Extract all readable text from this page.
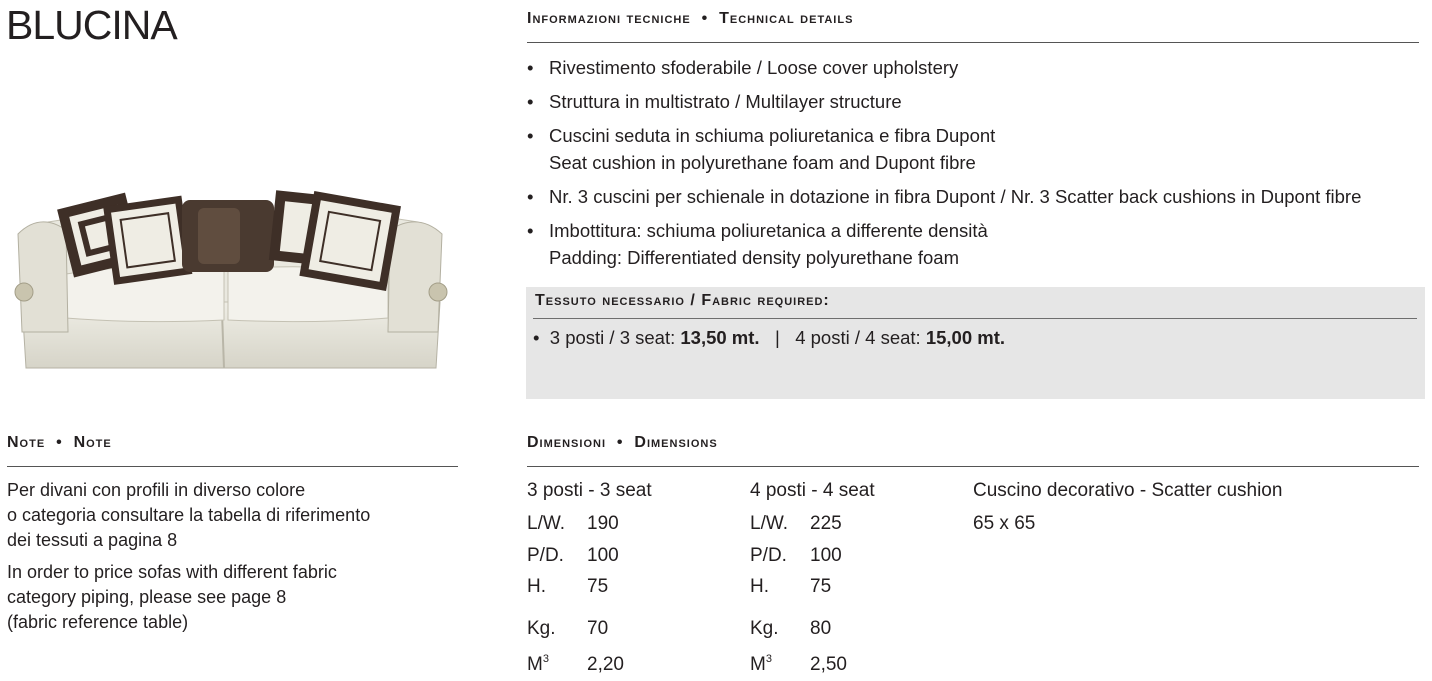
BLUCINA	Informazioni tecniche  •  Technical details
• Rivestimento sfoderabile / Loose cover upholstery
• Struttura in multistrato / Multilayer structure
• Cuscini seduta in schiuma poliuretanica e fibra Dupont
Seat cushion in polyurethane foam and Dupont fibre
• Nr. 3 cuscini per schienale in dotazione in fibra Dupont / Nr. 3 Scatter back cushions in Dupont fibre
• Imbottitura: schiuma poliuretanica a differente densità
Padding: Differentiated density polyurethane foam
Tessuto necessario / Fabric required:
•  3 posti / 3 seat: 13,50 mt. | 4 posti / 4 seat: 15,00 mt.
Note  •  Note

Per divani con profili in diverso colore
o categoria consultare la tabella di riferimento
dei tessuti a pagina 8

In order to price sofas with different fabric
category piping, please see page 8
(fabric reference table)

Dimensioni  •  Dimensions
3 posti - 3 seat
L/W. 190
P/D. 100
H. 75
Kg. 70
$M^3$ 2,20
4 posti - 4 seat
L/W. 225
P/D. 100
H. 75
Kg. 80
$M^3$ 2,50
Cuscino decorativo - Scatter cushion
65 x 65
